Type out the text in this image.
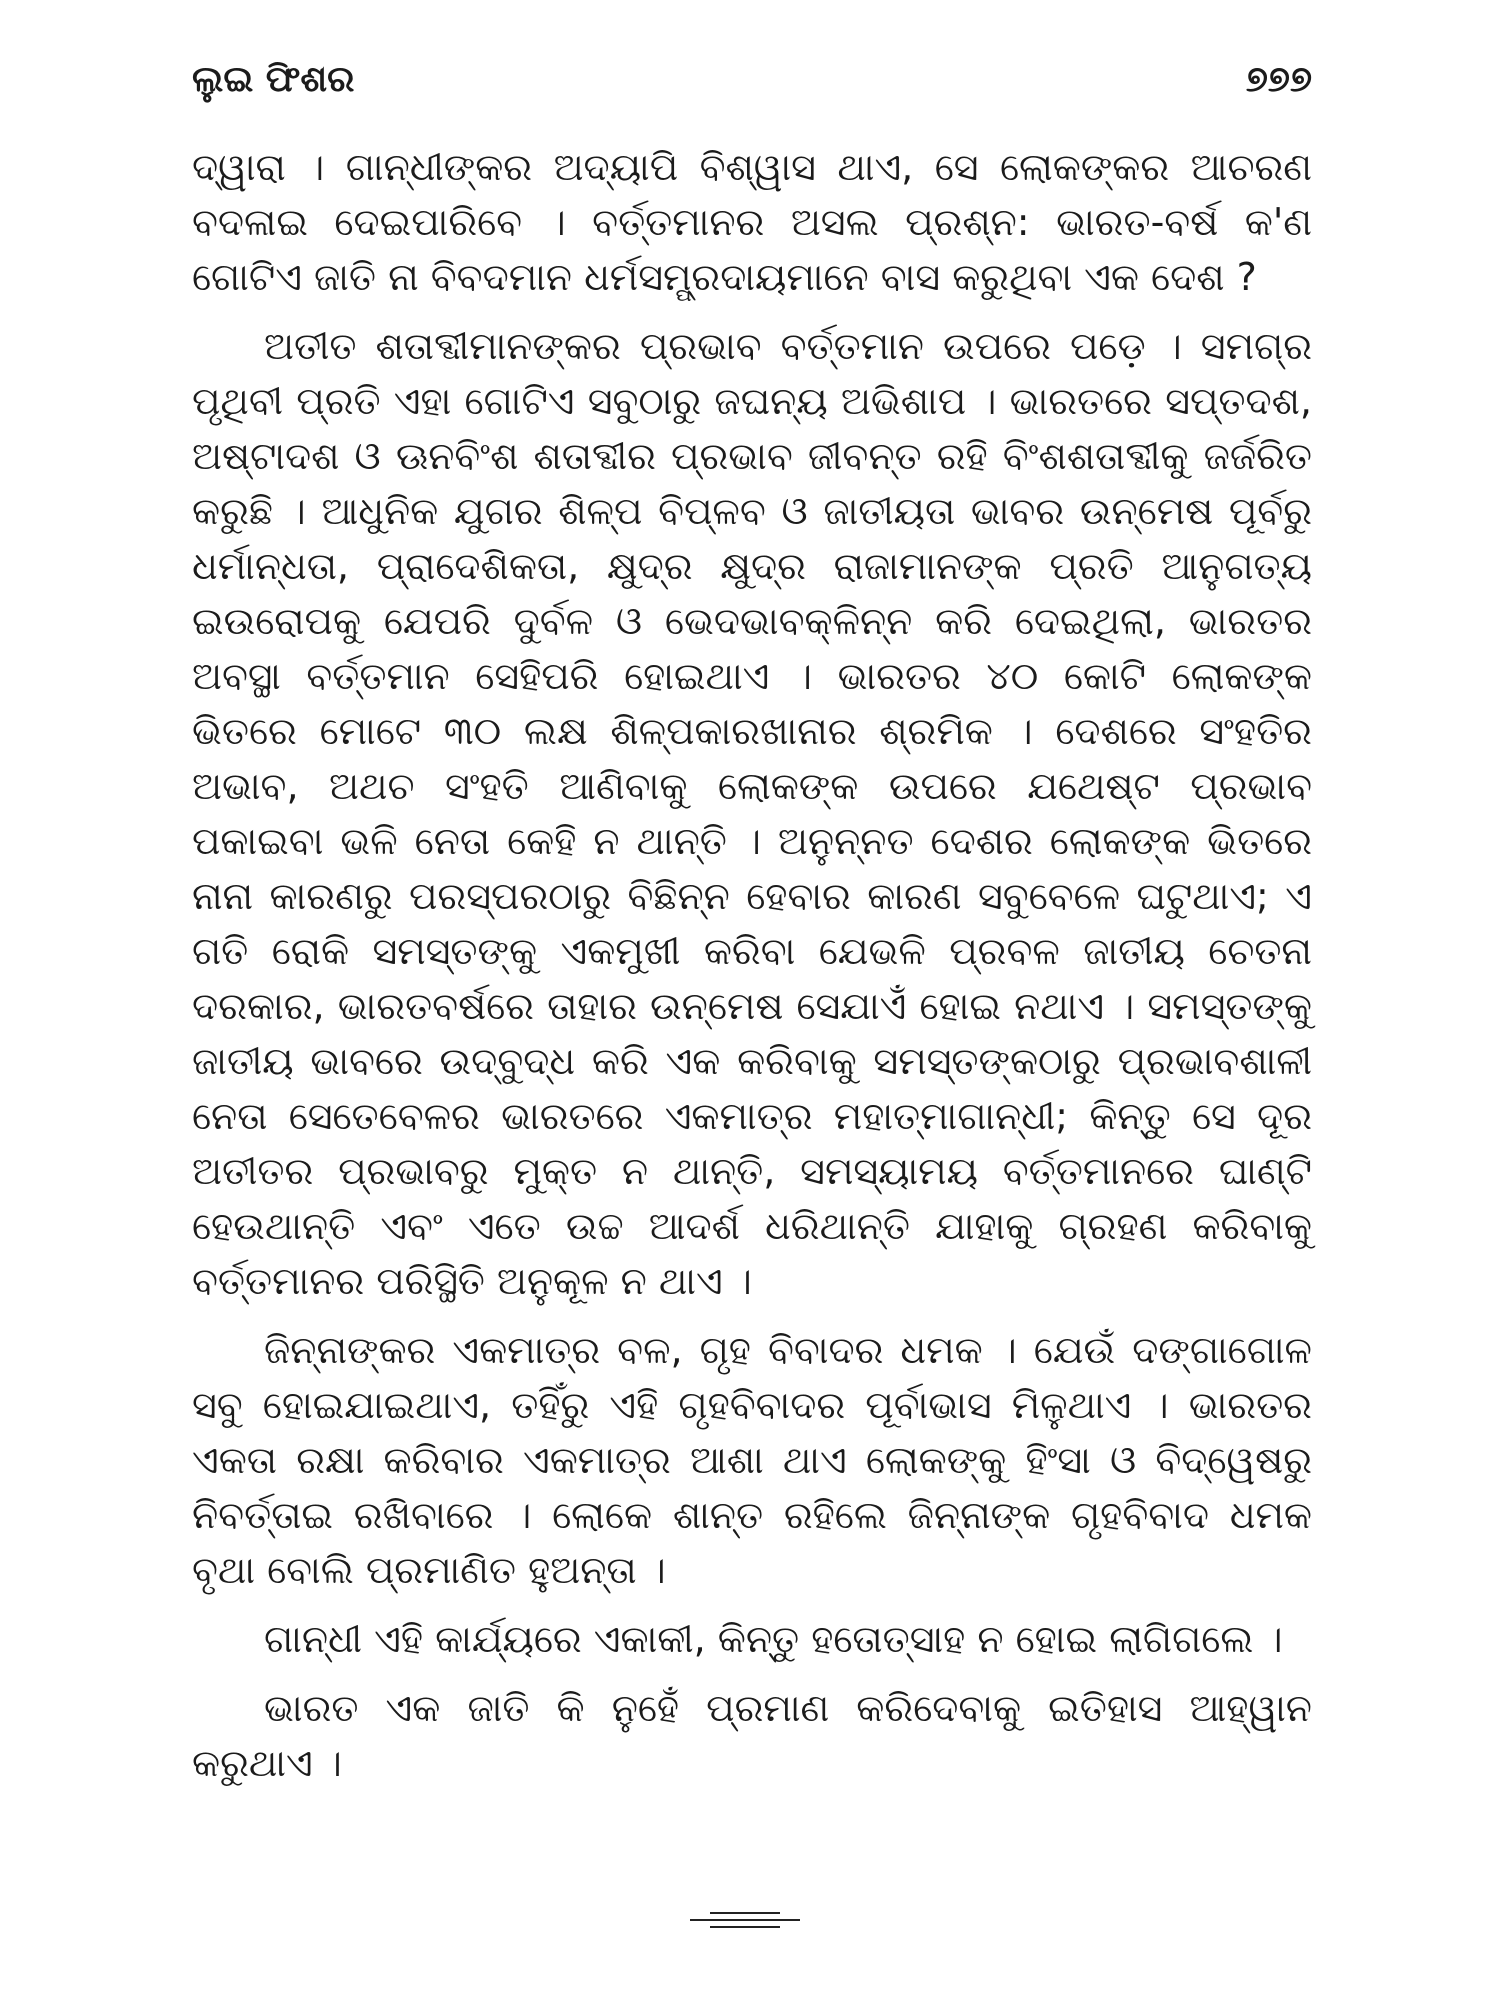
ଲୁଇ ଫିଶର	୭୭୭

ଦ୍ୱାରା । ଗାନ୍ଧୀଙ୍କର ଅଦ୍ୟାପି ବିଶ୍ୱାସ ଥାଏ, ସେ ଲୋକଙ୍କର ଆଚରଣ ବଦଳାଇ ଦେଇପାରିବେ । ବର୍ତ୍ତମାନର ଅସଲ ପ୍ରଶ୍ନ: ଭାରତ-ବର୍ଷ କ'ଣ ଗୋଟିଏ ଜାତି ନା ବିବଦମାନ ଧର୍ମସମ୍ପ୍ରଦାୟମାନେ ବାସ କରୁଥିବା ଏକ ଦେଶ ?

ଅତୀତ ଶତାବ୍ଦୀମାନଙ୍କର ପ୍ରଭାବ ବର୍ତ୍ତମାନ ଉପରେ ପଡ଼େ । ସମଗ୍ର ପୃଥିବୀ ପ୍ରତି ଏହା ଗୋଟିଏ ସବୁଠାରୁ ଜଘନ୍ୟ ଅଭିଶାପ । ଭାରତରେ ସପ୍ତଦଶ, ଅଷ୍ଟାଦଶ ଓ ଊନବିଂଶ ଶତାବ୍ଦୀର ପ୍ରଭାବ ଜୀବନ୍ତ ରହି ବିଂଶଶତାବ୍ଦୀକୁ ଜର୍ଜରିତ କରୁଛି । ଆଧୁନିକ ଯୁଗର ଶିଳ୍ପ ବିପ୍ଳବ ଓ ଜାତୀୟତା ଭାବର ଉନ୍ମେଷ ପୂର୍ବରୁ ଧର୍ମାନ୍ଧତା, ପ୍ରାଦେଶିକତା, କ୍ଷୁଦ୍ର କ୍ଷୁଦ୍ର ରାଜାମାନଙ୍କ ପ୍ରତି ଆନୁଗତ୍ୟ ଇଉରୋପକୁ ଯେପରି ଦୁର୍ବଳ ଓ ଭେଦଭାବକ୍ଳିନ୍ନ କରି ଦେଇଥିଲା, ଭାରତର ଅବସ୍ଥା ବର୍ତ୍ତମାନ ସେହିପରି ହୋଇଥାଏ । ଭାରତର ୪୦ କୋଟି ଲୋକଙ୍କ ଭିତରେ ମୋଟେ ୩୦ ଲକ୍ଷ ଶିଳ୍ପକାରଖାନାର ଶ୍ରମିକ । ଦେଶରେ ସଂହତିର ଅଭାବ, ଅଥଚ ସଂହତି ଆଣିବାକୁ ଲୋକଙ୍କ ଉପରେ ଯଥେଷ୍ଟ ପ୍ରଭାବ ପକାଇବା ଭଳି ନେତା କେହି ନ ଥାନ୍ତି । ଅନୁନ୍ନତ ଦେଶର ଲୋକଙ୍କ ଭିତରେ ନାନା କାରଣରୁ ପରସ୍ପରଠାରୁ ବିଛିନ୍ନ ହେବାର କାରଣ ସବୁବେଳେ ଘଟୁଥାଏ; ଏ ଗତି ରୋକି ସମସ୍ତଙ୍କୁ ଏକମୁଖୀ କରିବା ଯେଭଳି ପ୍ରବଳ ଜାତୀୟ ଚେତନା ଦରକାର, ଭାରତବର୍ଷରେ ତାହାର ଉନ୍ମେଷ ସେଯାଏଁ ହୋଇ ନଥାଏ । ସମସ୍ତଙ୍କୁ ଜାତୀୟ ଭାବରେ ଉଦ୍‌ବୁଦ୍ଧ କରି ଏକ କରିବାକୁ ସମସ୍ତଙ୍କଠାରୁ ପ୍ରଭାବଶାଳୀ ନେତା ସେତେବେଳର ଭାରତରେ ଏକମାତ୍ର ମହାତ୍ମାଗାନ୍ଧୀ; କିନ୍ତୁ ସେ ଦୂର ଅତୀତର ପ୍ରଭାବରୁ ମୁକ୍ତ ନ ଥାନ୍ତି, ସମସ୍ୟାମୟ ବର୍ତ୍ତମାନରେ ଘାଣ୍ଟି ହେଉଥାନ୍ତି ଏବଂ ଏତେ ଉଚ୍ଚ ଆଦର୍ଶ ଧରିଥାନ୍ତି ଯାହାକୁ ଗ୍ରହଣ କରିବାକୁ ବର୍ତ୍ତମାନର ପରିସ୍ଥିତି ଅନୁକୂଳ ନ ଥାଏ ।

ଜିନ୍ନାଙ୍କର ଏକମାତ୍ର ବଳ, ଗୃହ ବିବାଦର ଧମକ । ଯେଉଁ ଦଙ୍ଗାଗୋଳ ସବୁ ହୋଇଯାଇଥାଏ, ତହିଁରୁ ଏହି ଗୃହବିବାଦର ପୂର୍ବାଭାସ ମିଳୁଥାଏ । ଭାରତର ଏକତା ରକ୍ଷା କରିବାର ଏକମାତ୍ର ଆଶା ଥାଏ ଲୋକଙ୍କୁ ହିଂସା ଓ ବିଦ୍ୱେଷରୁ ନିବର୍ତ୍ତାଇ ରଖିବାରେ । ଲୋକେ ଶାନ୍ତ ରହିଲେ ଜିନ୍ନାଙ୍କ ଗୃହବିବାଦ ଧମକ ବୃଥା ବୋଲି ପ୍ରମାଣିତ ହୁଅନ୍ତା ।

ଗାନ୍ଧୀ ଏହି କାର୍ଯ୍ୟରେ ଏକାକୀ, କିନ୍ତୁ ହତୋତ୍ସାହ ନ ହୋଇ ଲାଗିଗଲେ ।

ଭାରତ ଏକ ଜାତି କି ନୁହେଁ ପ୍ରମାଣ କରିଦେବାକୁ ଇତିହାସ ଆହ୍ୱାନ କରୁଥାଏ ।
